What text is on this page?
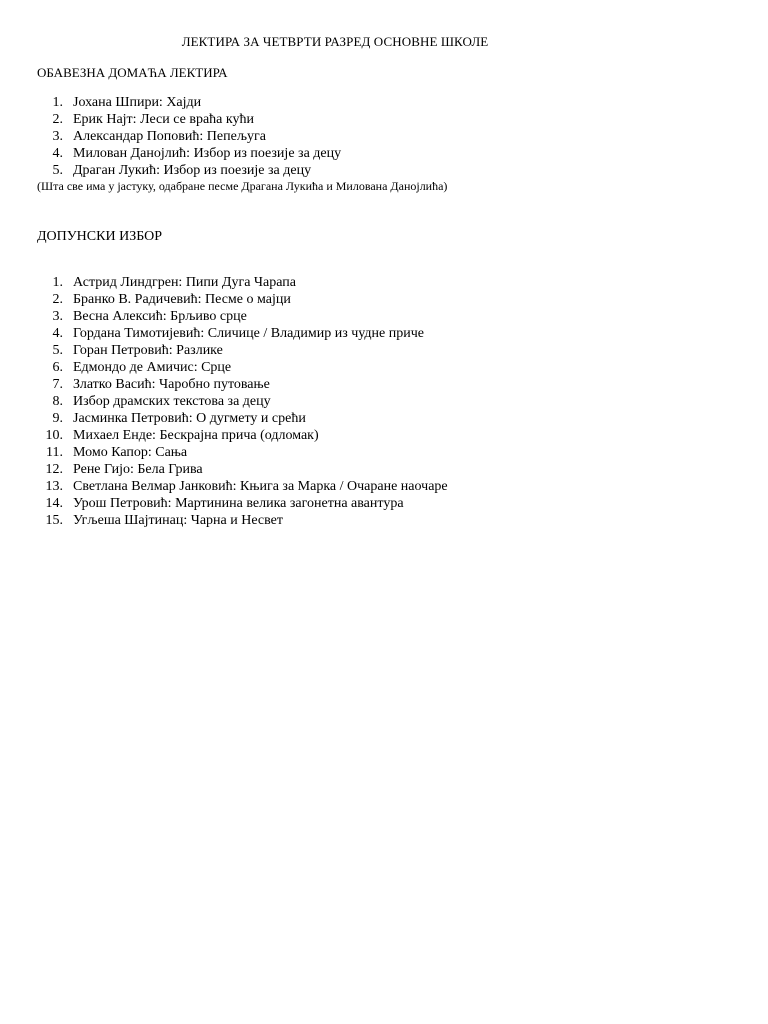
ЛЕКТИРА ЗА ЧЕТВРТИ РАЗРЕД ОСНОВНЕ ШКОЛЕ
ОБАВЕЗНА ДОМАЋА ЛЕКТИРА
1. Јохана Шпири: Хајди
2. Ерик Најт: Леси се враћа кући
3. Александар Поповић: Пепељуга
4. Милован Данојлић: Избор из поезије за децу
5. Драган Лукић: Избор из поезије за децу
(Шта све има у јастуку, одабране песме Драгана Лукића и Милована Данојлића)
ДОПУНСКИ ИЗБОР
1. Астрид Линдгрен: Пипи Дуга Чарапа
2. Бранко В. Радичевић: Песме о мајци
3. Весна Алексић: Брљиво срце
4. Гордана Тимотијевић: Сличице / Владимир из чудне приче
5. Горан Петровић: Разлике
6. Едмондо де Амичис: Срце
7. Златко Васић: Чаробно путовање
8. Избор драмских текстова за децу
9. Јасминка Петровић: О дугмету и срећи
10. Михаел Енде: Бескрајна прича (одломак)
11. Момо Капор: Сања
12. Рене Гијо: Бела Грива
13. Светлана Велмар Јанковић: Књига за Марка / Очаране наочаре
14. Урош Петровић: Мартинина велика загонетна авантура
15. Угљеша Шајтинац: Чарна и Несвет
